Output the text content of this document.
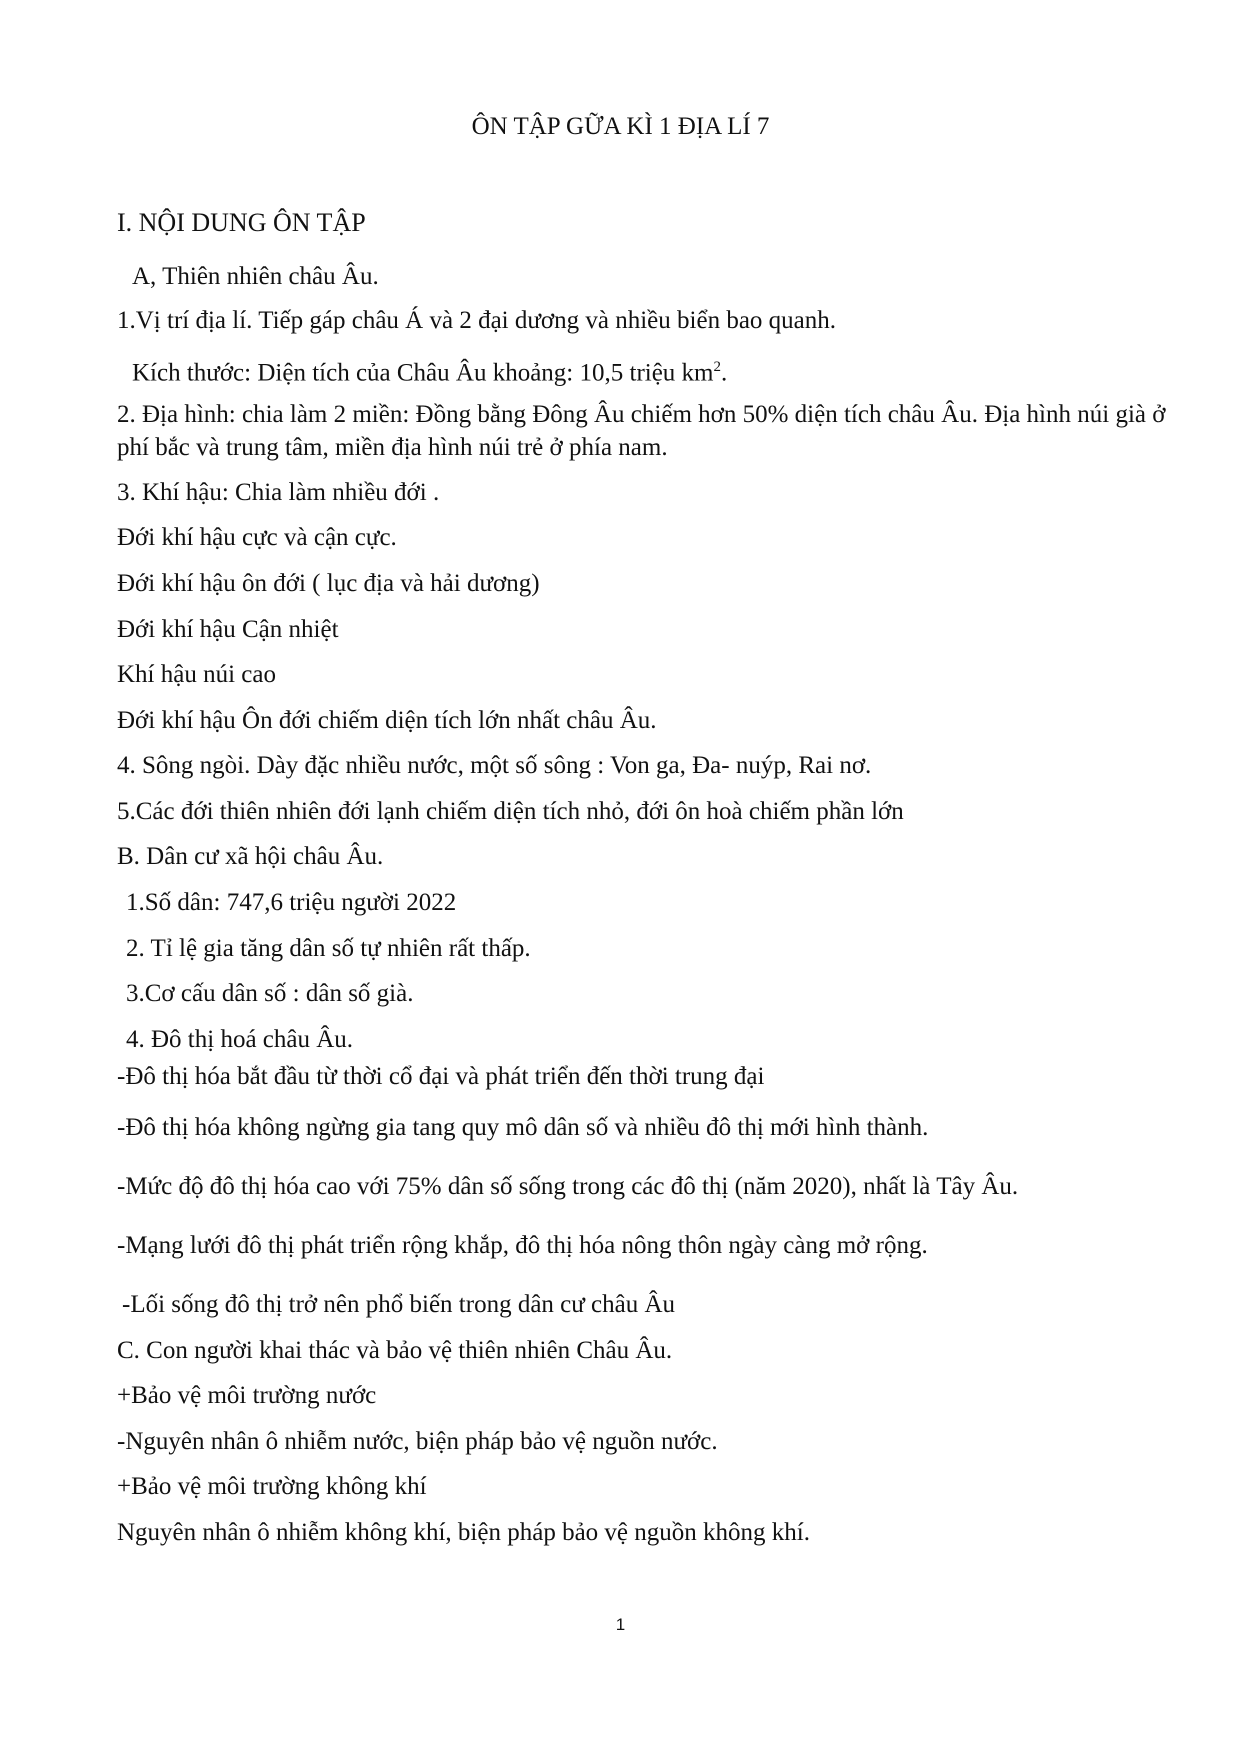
ÔN TẬP GỮA KÌ 1 ĐỊA LÍ 7
I. NỘI DUNG ÔN TẬP
A, Thiên nhiên châu Âu.
1.Vị trí địa lí. Tiếp gáp châu Á và 2 đại dương và nhiều biển bao quanh.
Kích thước: Diện tích của Châu Âu khoảng: 10,5 triệu $km^2$.
2. Địa hình: chia làm 2 miền: Đồng bằng Đông Âu chiếm hơn 50% diện tích châu Âu. Địa hình núi già ở phí bắc và trung tâm, miền địa hình núi trẻ ở phía nam.
3. Khí hậu: Chia làm nhiều đới .
Đới khí hậu cực và cận cực.
Đới khí hậu ôn đới ( lục địa và hải dương)
Đới khí hậu Cận nhiệt
Khí hậu núi cao
Đới khí hậu Ôn đới chiếm diện tích lớn nhất châu Âu.
4. Sông ngòi. Dày đặc nhiều nước, một số sông : Von ga, Đa- nuýp, Rai nơ.
5.Các đới thiên nhiên đới lạnh chiếm diện tích nhỏ, đới ôn hoà chiếm phần lớn
B. Dân cư xã hội châu Âu.
1.Số dân: 747,6 triệu người 2022
2. Tỉ lệ gia tăng dân số tự nhiên rất thấp.
3.Cơ cấu dân số : dân số già.
4. Đô thị hoá châu Âu.
-Đô thị hóa bắt đầu từ thời cổ đại và phát triển đến thời trung đại
-Đô thị hóa không ngừng gia tang quy mô dân số và nhiều đô thị mới hình thành.
-Mức độ đô thị hóa cao với 75% dân số sống trong các đô thị (năm 2020), nhất là Tây Âu.
-Mạng lưới đô thị phát triển rộng khắp, đô thị hóa nông thôn ngày càng mở rộng.
-Lối sống đô thị trở nên phổ biến trong dân cư châu Âu
C. Con người khai thác và bảo vệ thiên nhiên Châu Âu.
+Bảo vệ môi trường nước
-Nguyên nhân ô nhiễm nước, biện pháp bảo vệ nguồn nước.
+Bảo vệ môi trường không khí
Nguyên nhân ô nhiễm không khí, biện pháp bảo vệ nguồn không khí.
1
